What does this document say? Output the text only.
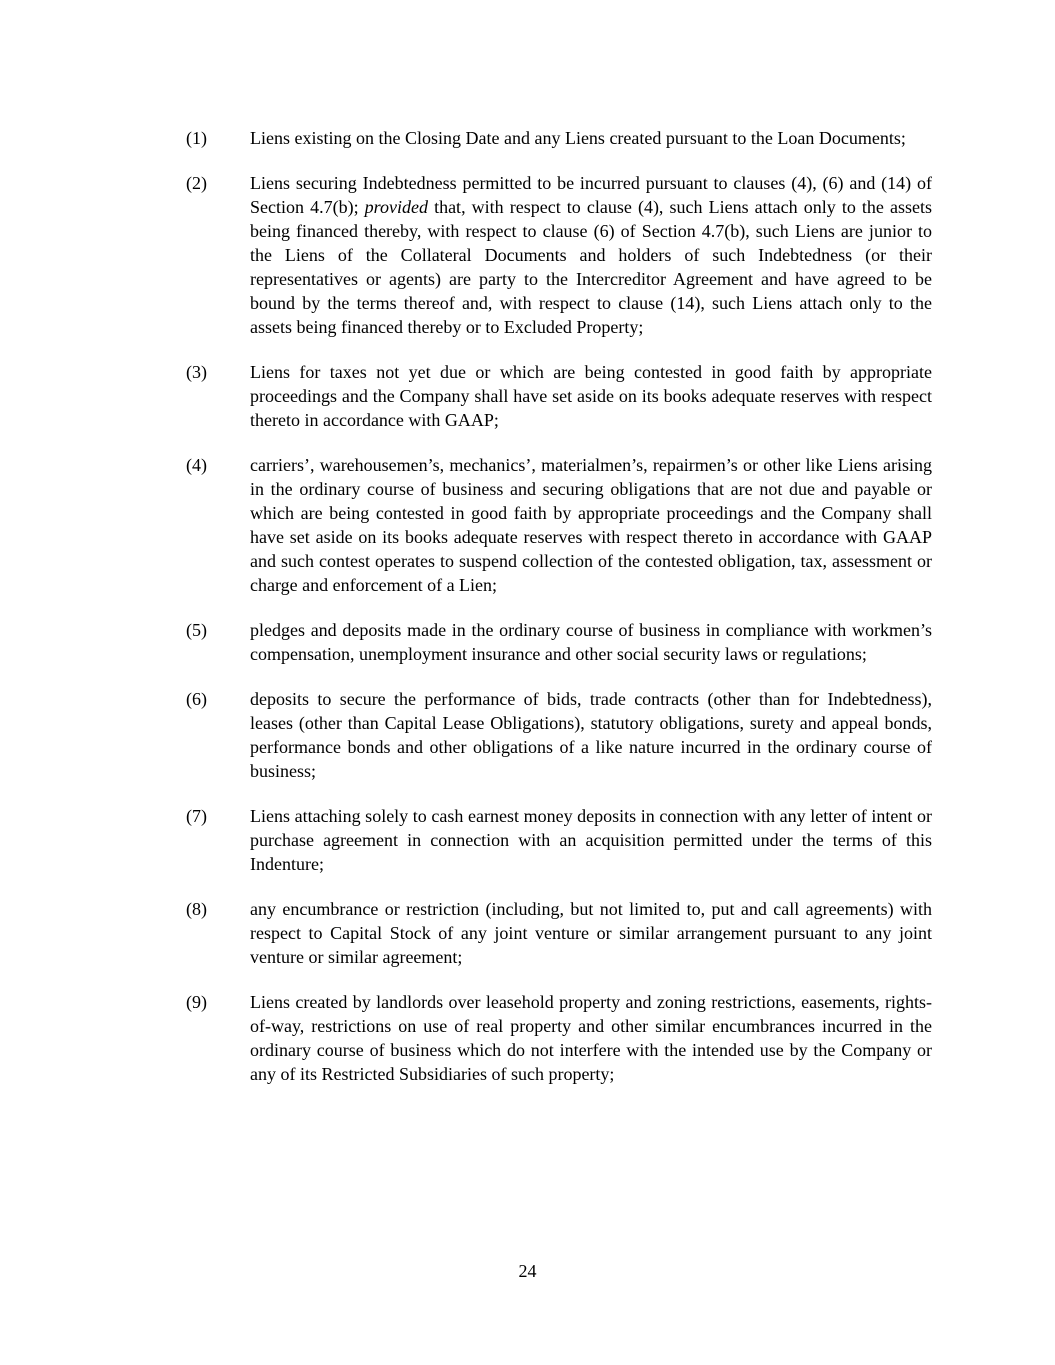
(1)	Liens existing on the Closing Date and any Liens created pursuant to the Loan Documents;
(2)	Liens securing Indebtedness permitted to be incurred pursuant to clauses (4), (6) and (14) of Section 4.7(b); provided that, with respect to clause (4), such Liens attach only to the assets being financed thereby, with respect to clause (6) of Section 4.7(b), such Liens are junior to the Liens of the Collateral Documents and holders of such Indebtedness (or their representatives or agents) are party to the Intercreditor Agreement and have agreed to be bound by the terms thereof and, with respect to clause (14), such Liens attach only to the assets being financed thereby or to Excluded Property;
(3)	Liens for taxes not yet due or which are being contested in good faith by appropriate proceedings and the Company shall have set aside on its books adequate reserves with respect thereto in accordance with GAAP;
(4)	carriers’, warehousemen’s, mechanics’, materialmen’s, repairmen’s or other like Liens arising in the ordinary course of business and securing obligations that are not due and payable or which are being contested in good faith by appropriate proceedings and the Company shall have set aside on its books adequate reserves with respect thereto in accordance with GAAP and such contest operates to suspend collection of the contested obligation, tax, assessment or charge and enforcement of a Lien;
(5)	pledges and deposits made in the ordinary course of business in compliance with workmen’s compensation, unemployment insurance and other social security laws or regulations;
(6)	deposits to secure the performance of bids, trade contracts (other than for Indebtedness), leases (other than Capital Lease Obligations), statutory obligations, surety and appeal bonds, performance bonds and other obligations of a like nature incurred in the ordinary course of business;
(7)	Liens attaching solely to cash earnest money deposits in connection with any letter of intent or purchase agreement in connection with an acquisition permitted under the terms of this Indenture;
(8)	any encumbrance or restriction (including, but not limited to, put and call agreements) with respect to Capital Stock of any joint venture or similar arrangement pursuant to any joint venture or similar agreement;
(9)	Liens created by landlords over leasehold property and zoning restrictions, easements, rights-of-way, restrictions on use of real property and other similar encumbrances incurred in the ordinary course of business which do not interfere with the intended use by the Company or any of its Restricted Subsidiaries of such property;
24
